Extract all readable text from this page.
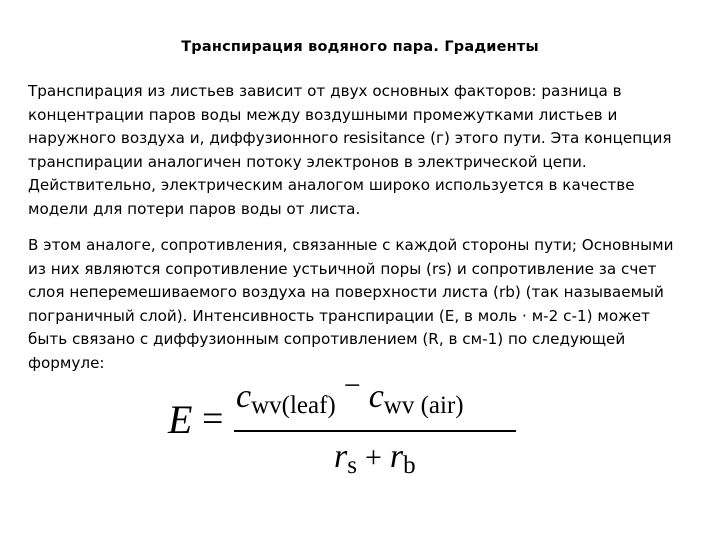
Транспирация водяного пара. Градиенты

Транспирация из листьев зависит от двух основных факторов: разница в концентрации паров воды между воздушными промежутками листьев и наружного воздуха и, диффузионного resisitance (г) этого пути. Эта концепция транспирации аналогичен потоку электронов в электрической цепи. Действительно, электрическим аналогом широко используется в качестве модели для потери паров воды от листа.

В этом аналоге, сопротивления, связанные с каждой стороны пути; Основными из них являются сопротивление устьичной поры (rs) и сопротивление за счет слоя неперемешиваемого воздуха на поверхности листа (rb) (так называемый пограничный слой). Интенсивность транспирации (Е, в моль · м-2 с-1) может быть связано с диффузионным сопротивлением (R, в см-1) по следующей формуле:

E =
cwv(leaf) − cwv (air)
rs + rb
